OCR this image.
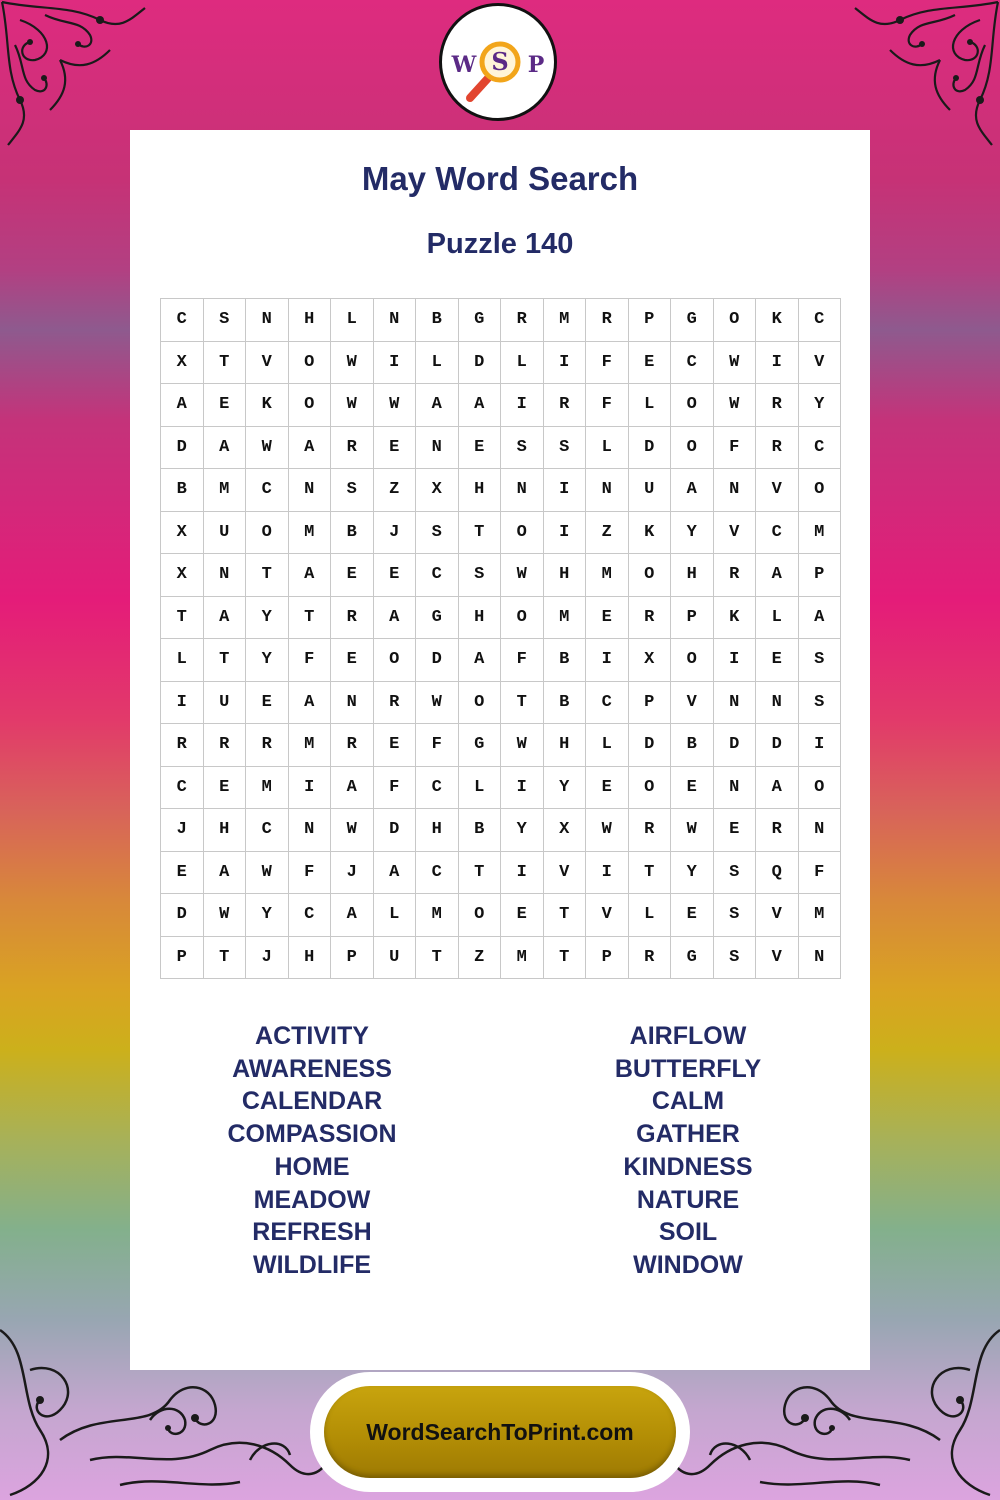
W S P
May Word Search
Puzzle 140
C	S	N	H	L	N	B	G	R	M	R	P	G	O	K	C
X	T	V	O	W	I	L	D	L	I	F	E	C	W	I	V
A	E	K	O	W	W	A	A	I	R	F	L	O	W	R	Y
D	A	W	A	R	E	N	E	S	S	L	D	O	F	R	C
B	M	C	N	S	Z	X	H	N	I	N	U	A	N	V	O
X	U	O	M	B	J	S	T	O	I	Z	K	Y	V	C	M
X	N	T	A	E	E	C	S	W	H	M	O	H	R	A	P
T	A	Y	T	R	A	G	H	O	M	E	R	P	K	L	A
L	T	Y	F	E	O	D	A	F	B	I	X	O	I	E	S
I	U	E	A	N	R	W	O	T	B	C	P	V	N	N	S
R	R	R	M	R	E	F	G	W	H	L	D	B	D	D	I
C	E	M	I	A	F	C	L	I	Y	E	O	E	N	A	O
J	H	C	N	W	D	H	B	Y	X	W	R	W	E	R	N
E	A	W	F	J	A	C	T	I	V	I	T	Y	S	Q	F
D	W	Y	C	A	L	M	O	E	T	V	L	E	S	V	M
P	T	J	H	P	U	T	Z	M	T	P	R	G	S	V	N
ACTIVITY
AWARENESS
CALENDAR
COMPASSION
HOME
MEADOW
REFRESH
WILDLIFE
AIRFLOW
BUTTERFLY
CALM
GATHER
KINDNESS
NATURE
SOIL
WINDOW
WordSearchToPrint.com
